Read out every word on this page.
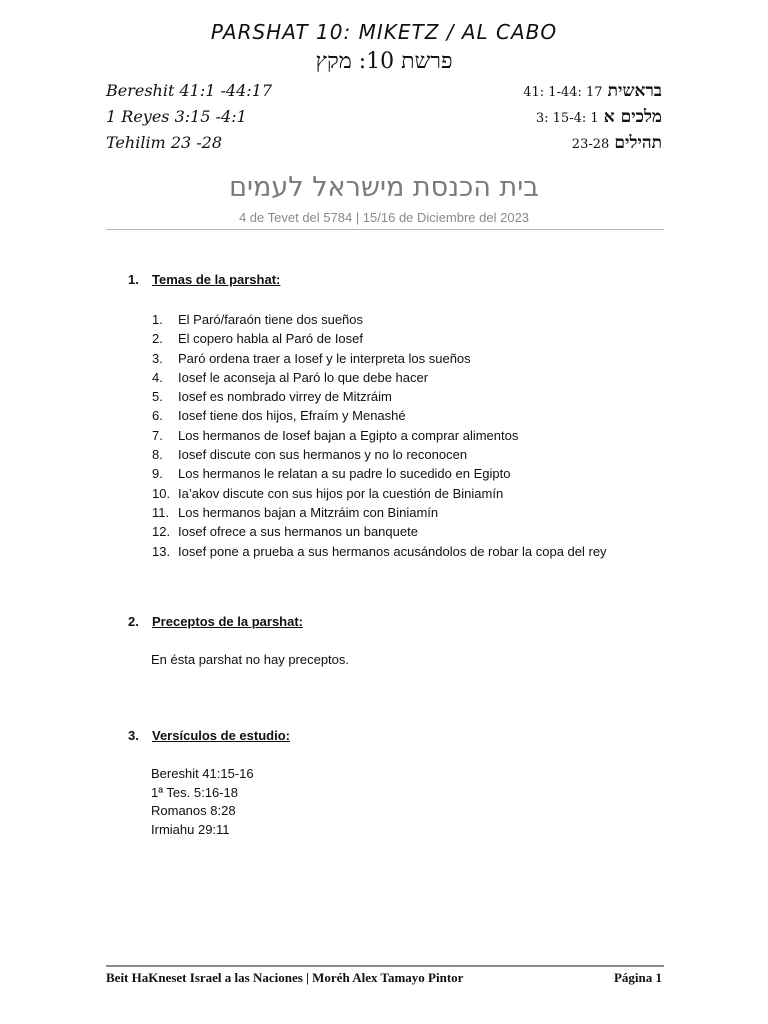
PARSHAT 10: MIKETZ / AL CABO
פרשת 10: מקץ
Bereshit 41:1 -44:17	41: 1-44: 17 בראשית
1 Reyes 3:15 -4:1	3: 15-4: 1 מלכים א
Tehilim 23 -28	23-28 תהילים
בית הכנסת מישראל לעמים
4 de Tevet del 5784 | 15/16 de Diciembre del 2023
1. Temas de la parshat:
1. El Paró/faraón tiene dos sueños
2. El copero habla al Paró de Iosef
3. Paró ordena traer a Iosef y le interpreta los sueños
4. Iosef le aconseja al Paró lo que debe hacer
5. Iosef es nombrado virrey de Mitzráim
6. Iosef tiene dos hijos, Efraím y Menashé
7. Los hermanos de Iosef bajan a Egipto a comprar alimentos
8. Iosef discute con sus hermanos y no lo reconocen
9. Los hermanos le relatan a su padre lo sucedido en Egipto
10. Ia’akov discute con sus hijos por la cuestión de Biniamín
11. Los hermanos bajan a Mitzráim con Biniamín
12. Iosef ofrece a sus hermanos un banquete
13. Iosef pone a prueba a sus hermanos acusándolos de robar la copa del rey
2. Preceptos de la parshat:
En ésta parshat no hay preceptos.
3. Versículos de estudio:
Bereshit 41:15-16
1ª Tes. 5:16-18
Romanos 8:28
Irmiahu 29:11
Beit HaKneset Israel a las Naciones | Moréh Alex Tamayo Pintor	Página 1
